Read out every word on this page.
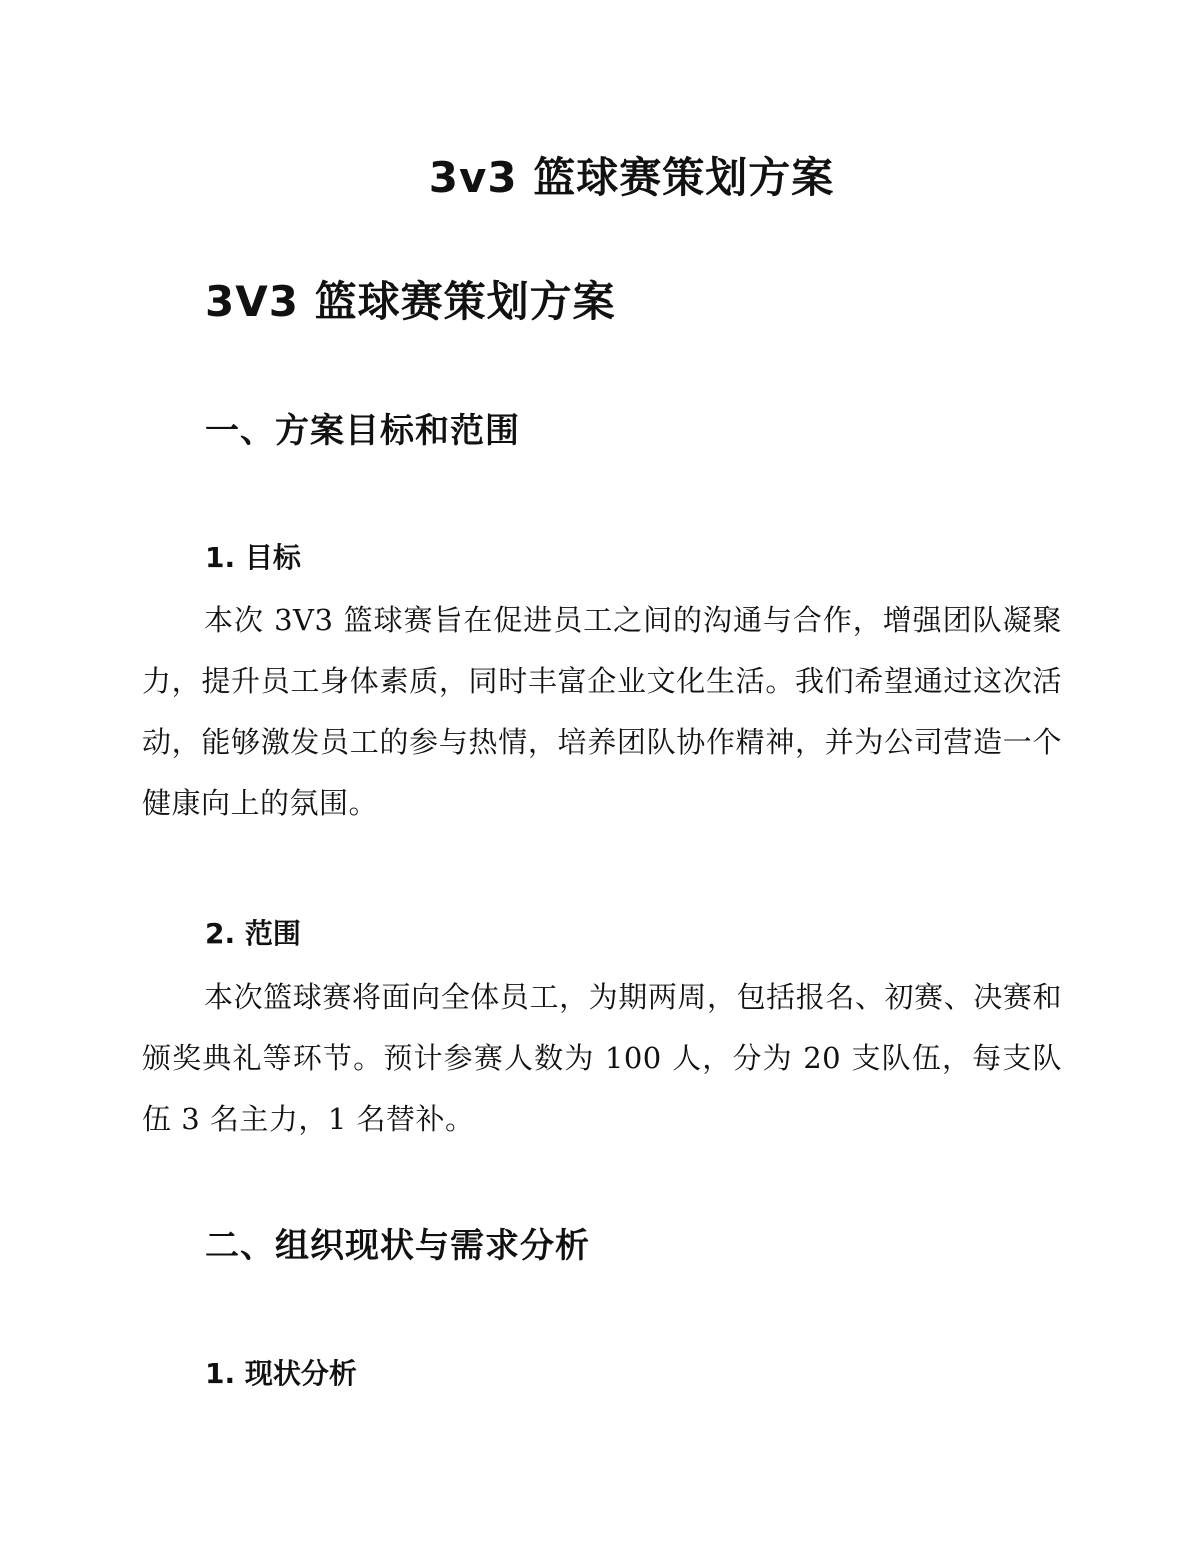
3v3 篮球赛策划方案
3V3 篮球赛策划方案
一、方案目标和范围
1. 目标

本次 3V3 篮球赛旨在促进员工之间的沟通与合作，增强团队凝聚力，提升员工身体素质，同时丰富企业文化生活。我们希望通过这次活动，能够激发员工的参与热情，培养团队协作精神，并为公司营造一个健康向上的氛围。

2. 范围

本次篮球赛将面向全体员工，为期两周，包括报名、初赛、决赛和颁奖典礼等环节。预计参赛人数为 100 人，分为 20 支队伍，每支队伍 3 名主力，1 名替补。

二、组织现状与需求分析
1. 现状分析
